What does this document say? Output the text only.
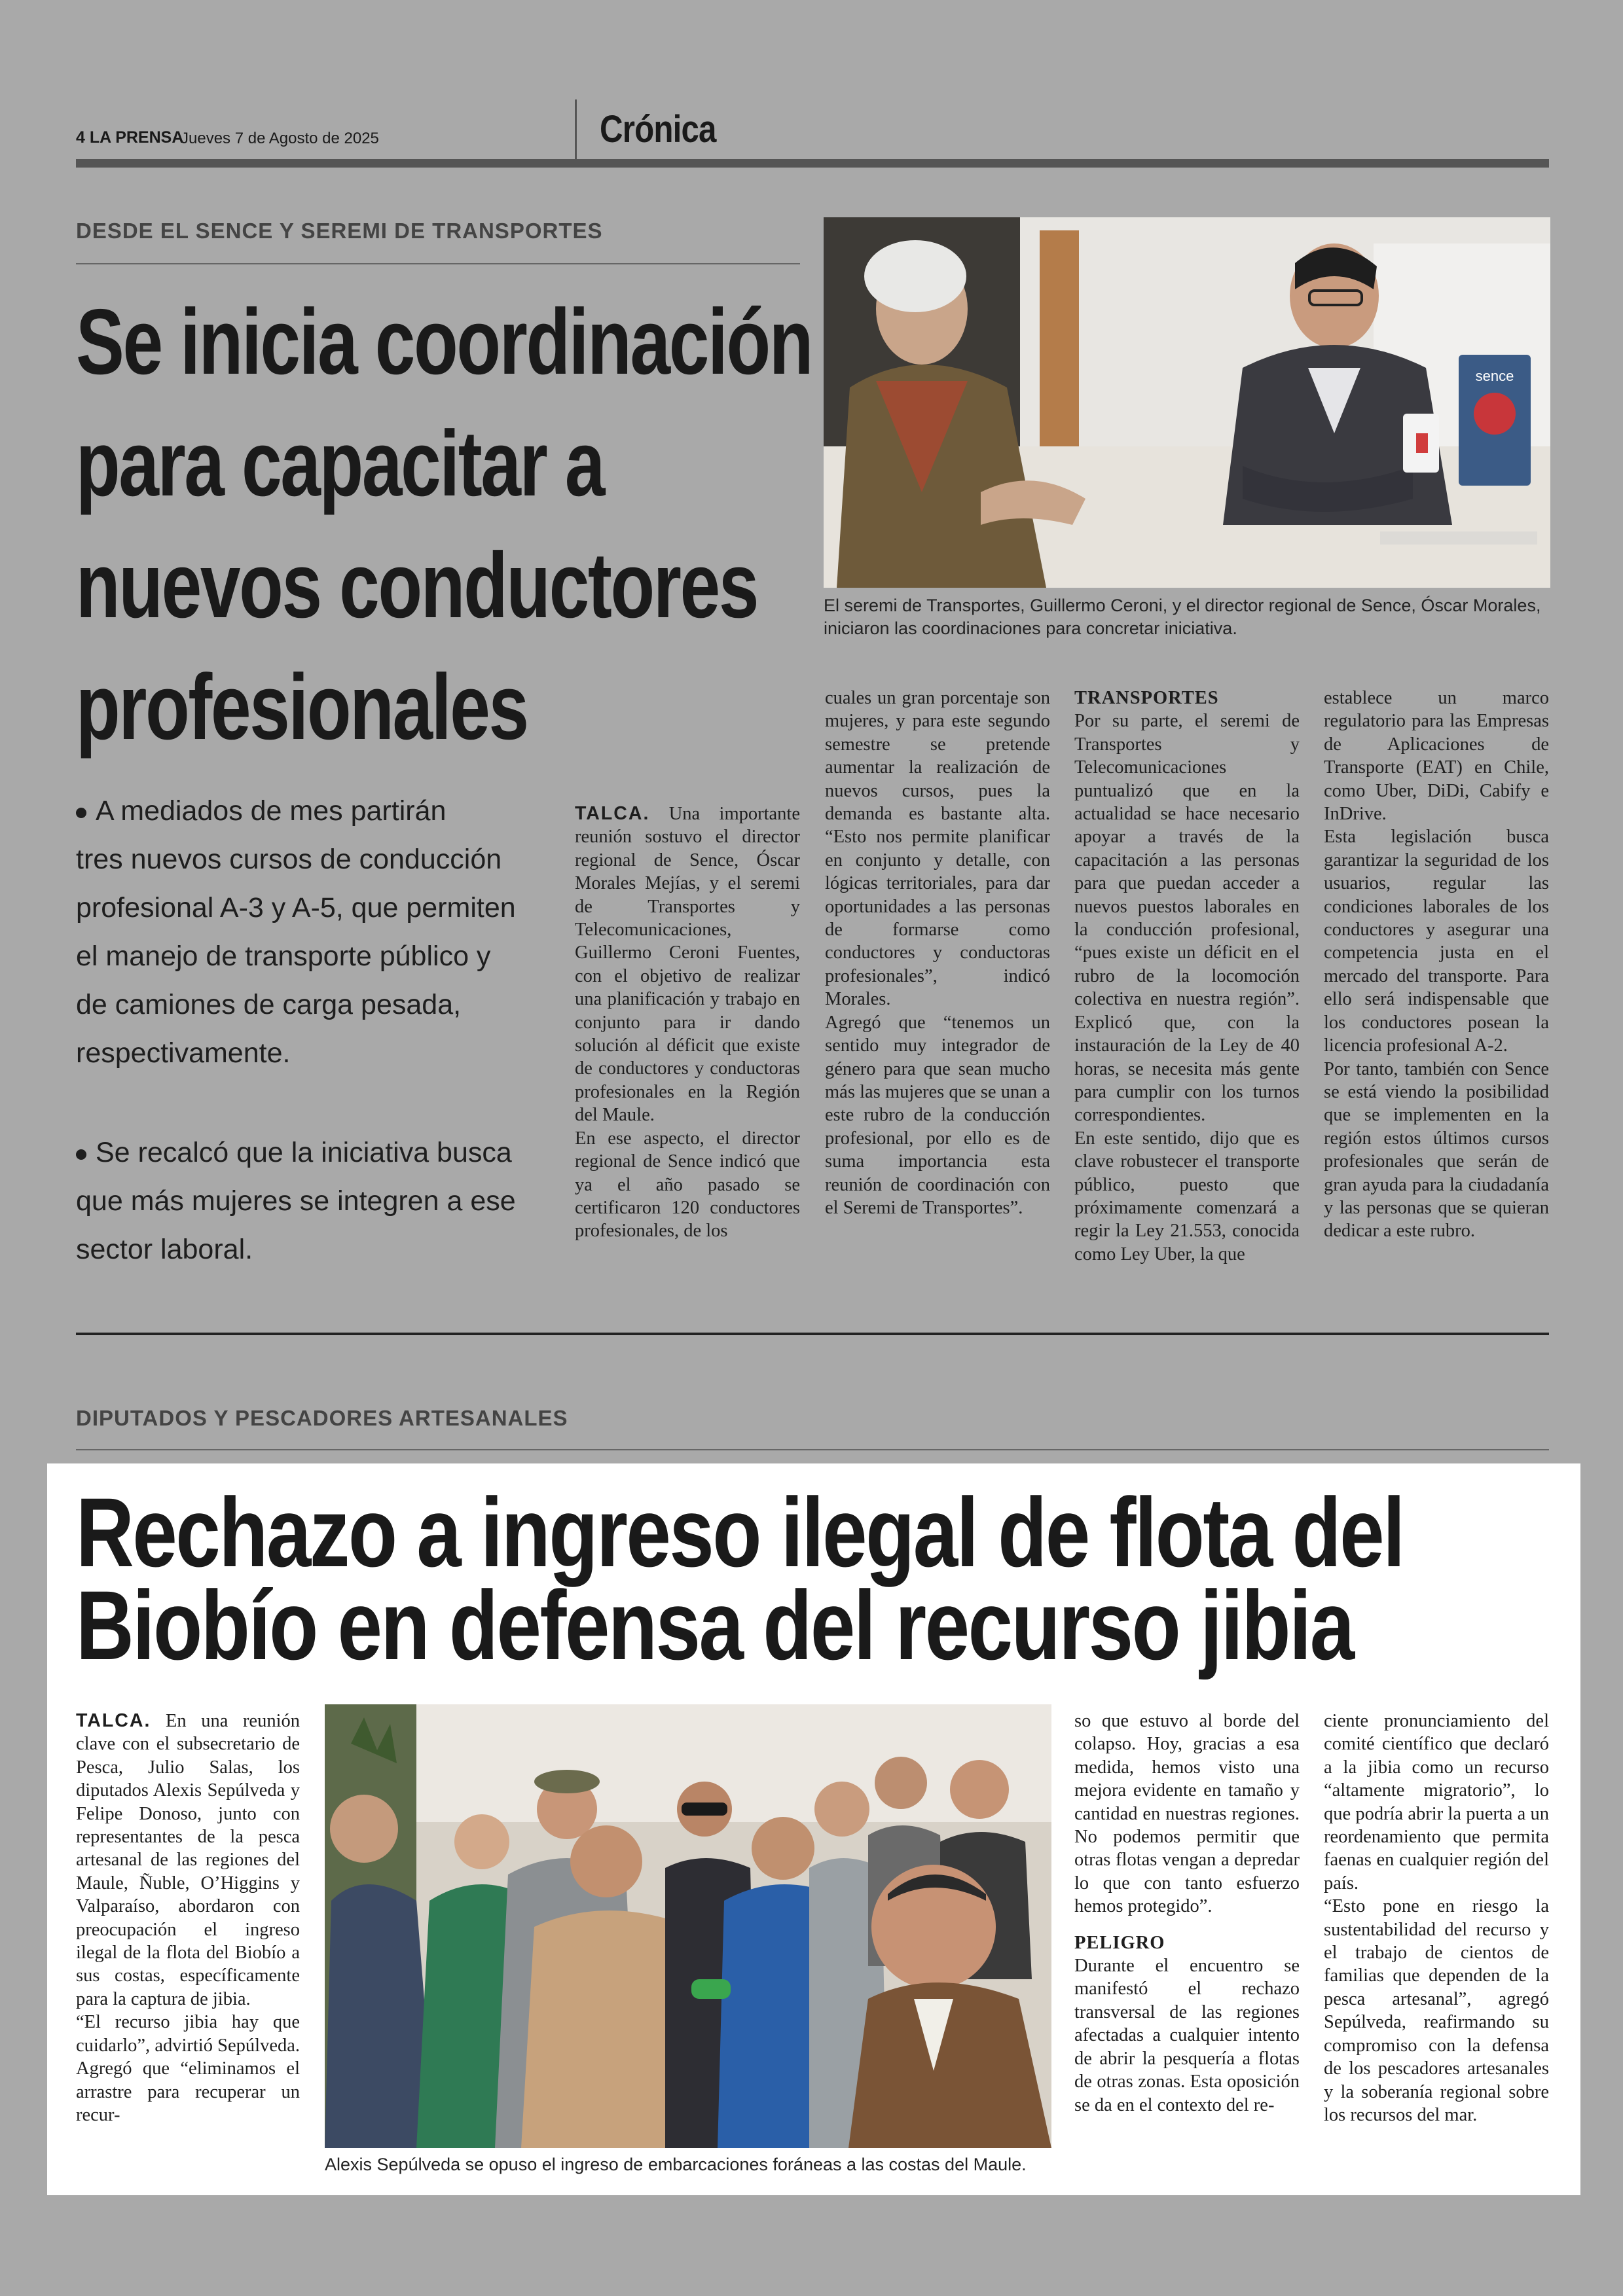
4 LA PRENSA
Jueves 7 de Agosto de 2025	Crónica
DESDE EL SENCE Y SEREMI DE TRANSPORTES
Se inicia coordinación
para capacitar a
nuevos conductores
profesionales
A mediados de mes partirán
tres nuevos cursos de conducción
profesional A-3 y A-5, que permiten
el manejo de transporte público y
de camiones de carga pesada,
respectivamente.
Se recalcó que la iniciativa busca
que más mujeres se integren a ese
sector laboral.
sence
El seremi de Transportes, Guillermo Ceroni, y el director regional de Sence, Óscar Morales, iniciaron las coordinaciones para concretar iniciativa.

TALCA. Una importante reunión sostuvo el director regional de Sence, Óscar Morales Mejías, y el seremi de Transportes y Telecomunicaciones, Guillermo Ceroni Fuentes, con el objetivo de realizar una planificación y trabajo en conjunto para ir dando solución al déficit que existe de conductores y conductoras profesionales en la Región del Maule.

En ese aspecto, el director regional de Sence indicó que ya el año pasado se certificaron 120 conductores profesionales, de los

cuales un gran porcentaje son mujeres, y para este segundo semestre se pretende aumentar la realización de nuevos cursos, pues la demanda es bastante alta. “Esto nos permite planificar en conjunto y detalle, con lógicas territoriales, para dar oportunidades a las personas de formarse como conductores y conductoras profesionales”, indicó Morales.

Agregó que “tenemos un sentido muy integrador de género para que sean mucho más las mujeres que se unan a este rubro de la conducción profesional, por ello es de suma importancia esta reunión de coordinación con el Seremi de Transportes”.

TRANSPORTES

Por su parte, el seremi de Transportes y Telecomunicaciones puntualizó que en la actualidad se hace necesario apoyar a través de la capacitación a las personas para que puedan acceder a nuevos puestos laborales en la conducción profesional, “pues existe un déficit en el rubro de la locomoción colectiva en nuestra región”. Explicó que, con la instauración de la Ley de 40 horas, se necesita más gente para cumplir con los turnos correspondientes.

En este sentido, dijo que es clave robustecer el transporte público, puesto que próximamente comenzará a regir la Ley 21.553, conocida como Ley Uber, la que

establece un marco regulatorio para las Empresas de Aplicaciones de Transporte (EAT) en Chile, como Uber, DiDi, Cabify e InDrive.

Esta legislación busca garantizar la seguridad de los usuarios, regular las condiciones laborales de los conductores y asegurar una competencia justa en el mercado del transporte. Para ello será indispensable que los conductores posean la licencia profesional A-2.

Por tanto, también con Sence se está viendo la posibilidad que se implementen en la región estos últimos cursos profesionales que serán de gran ayuda para la ciudadanía y las personas que se quieran dedicar a este rubro.

DIPUTADOS Y PESCADORES ARTESANALES
Rechazo a ingreso ilegal de flota del
Biobío en defensa del recurso jibia

TALCA. En una reunión clave con el subsecretario de Pesca, Julio Salas, los diputados Alexis Sepúlveda y Felipe Donoso, junto con representantes de la pesca artesanal de las regiones del Maule, Ñuble, O’Higgins y Valparaíso, abordaron con preocupación el ingreso ilegal de la flota del Biobío a sus costas, específicamente para la captura de jibia.

“El recurso jibia hay que cuidarlo”, advirtió Sepúlveda. Agregó que “eliminamos el arrastre para recuperar un recur-

Alexis Sepúlveda se opuso el ingreso de embarcaciones foráneas a las costas del Maule.

so que estuvo al borde del colapso. Hoy, gracias a esa medida, hemos visto una mejora evidente en tamaño y cantidad en nuestras regiones. No podemos permitir que otras flotas vengan a depredar lo que con tanto esfuerzo hemos protegido”.

PELIGRO

Durante el encuentro se manifestó el rechazo transversal de las regiones afectadas a cualquier intento de abrir la pesquería a flotas de otras zonas. Esta oposición se da en el contexto del re-

ciente pronunciamiento del comité científico que declaró a la jibia como un recurso “altamente migratorio”, lo que podría abrir la puerta a un reordenamiento que permita faenas en cualquier región del país.

“Esto pone en riesgo la sustentabilidad del recurso y el trabajo de cientos de familias que dependen de la pesca artesanal”, agregó Sepúlveda, reafirmando su compromiso con la defensa de los pescadores artesanales y la soberanía regional sobre los recursos del mar.
